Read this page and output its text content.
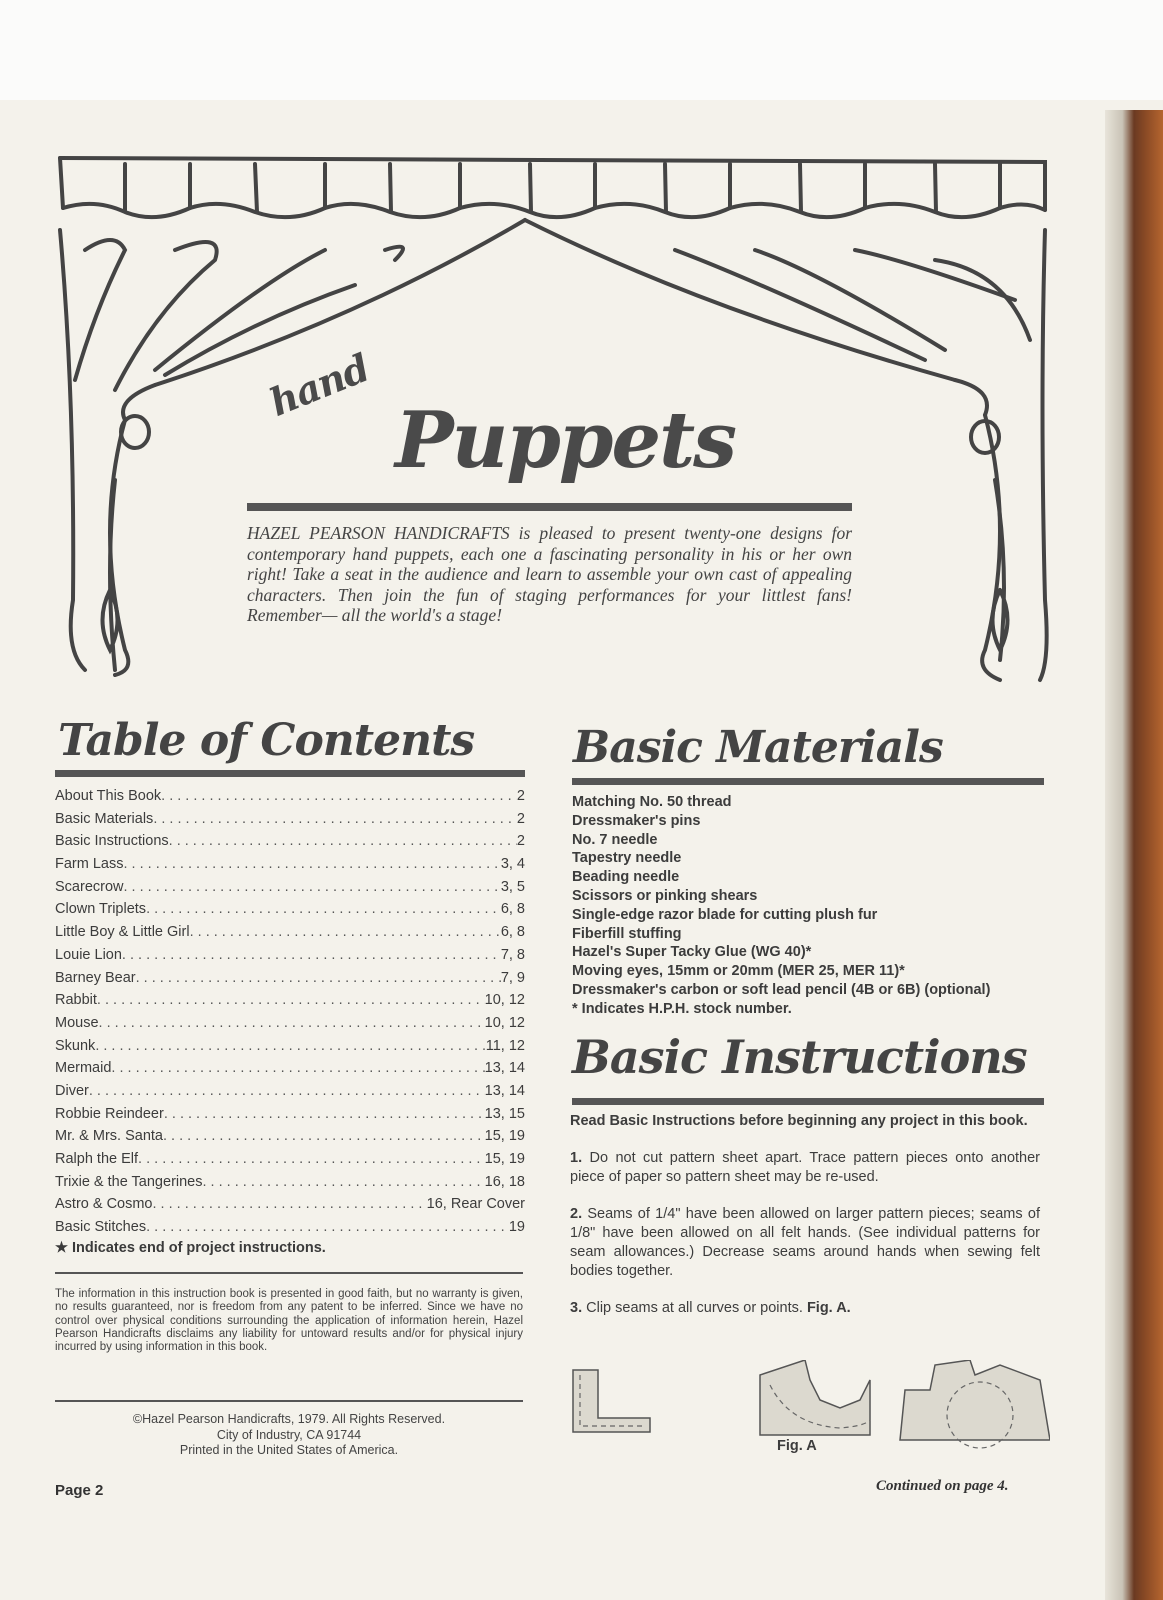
hand
Puppets
HAZEL PEARSON HANDICRAFTS is pleased to present twenty-one designs for contemporary hand puppets, each one a fascinating personality in his or her own right! Take a seat in the audience and learn to assemble your own cast of appealing characters. Then join the fun of staging performances for your littlest fans! Remember— all the world's a stage!
Table of Contents
About This Book . . .	2
Basic Materials . . .	2
Basic Instructions . . .	2
Farm Lass . . .	3, 4
Scarecrow . . .	3, 5
Clown Triplets . . .	6, 8
Little Boy & Little Girl . . .	6, 8
Louie Lion . . .	7, 8
Barney Bear . . .	7, 9
Rabbit . . .	10, 12
Mouse . . .	10, 12
Skunk . . .	11, 12
Mermaid . . .	13, 14
Diver . . .	13, 14
Robbie Reindeer . . .	13, 15
Mr. & Mrs. Santa . . .	15, 19
Ralph the Elf . . .	15, 19
Trixie & the Tangerines . . .	16, 18
Astro & Cosmo . . .	16, Rear Cover
Basic Stitches . . .	19
★ Indicates end of project instructions.
The information in this instruction book is presented in good faith, but no warranty is given, no results guaranteed, nor is freedom from any patent to be inferred. Since we have no control over physical conditions surrounding the application of information herein, Hazel Pearson Handicrafts disclaims any liability for untoward results and/or for physical injury incurred by using information in this book.
©Hazel Pearson Handicrafts, 1979. All Rights Reserved.
City of Industry, CA 91744
Printed in the United States of America.
Basic Materials
Matching No. 50 thread
Dressmaker's pins
No. 7 needle
Tapestry needle
Beading needle
Scissors or pinking shears
Single-edge razor blade for cutting plush fur
Fiberfill stuffing
Hazel's Super Tacky Glue (WG 40)*
Moving eyes, 15mm or 20mm (MER 25, MER 11)*
Dressmaker's carbon or soft lead pencil (4B or 6B) (optional)
* Indicates H.P.H. stock number.
Basic Instructions

Read Basic Instructions before beginning any project in this book.

1. Do not cut pattern sheet apart. Trace pattern pieces onto another piece of paper so pattern sheet may be re-used.

2. Seams of 1/4" have been allowed on larger pattern pieces; seams of 1/8" have been allowed on all felt hands. (See individual patterns for seam allowances.) Decrease seams around hands when sewing felt bodies together.

3. Clip seams at all curves or points. Fig. A.

Fig. A
Page 2	Continued on page 4.
